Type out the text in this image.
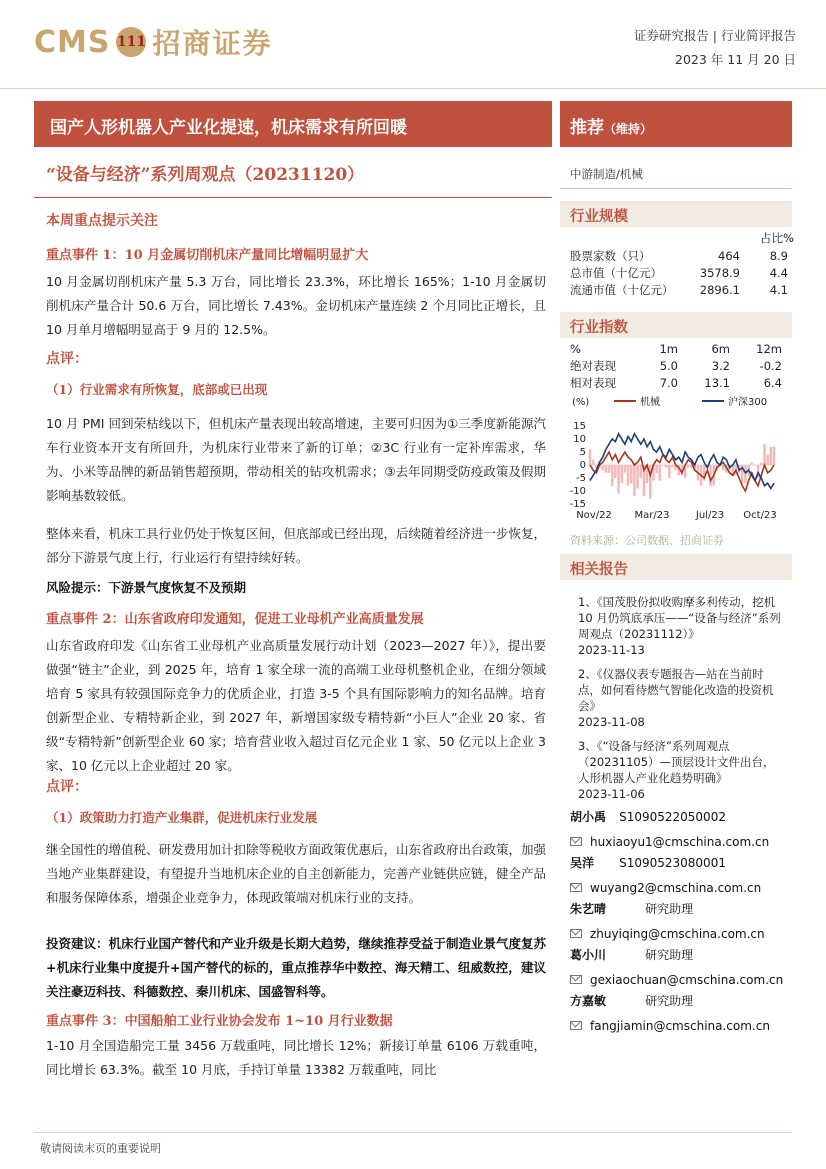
CMS 111 招商证券	证券研究报告 | 行业简评报告
2023 年 11 月 20 日
国产人形机器人产业化提速，机床需求有所回暖	推荐（维持）
“设备与经济”系列周观点（20231120）
本周重点提示关注
重点事件 1：10 月金属切削机床产量同比增幅明显扩大
10 月金属切削机床产量 5.3 万台，同比增长 23.3%，环比增长 165%；1-10 月金属切削机床产量合计 50.6 万台，同比增长 7.43%。金切机床产量连续 2 个月同比正增长，且 10 月单月增幅明显高于 9 月的 12.5%。
点评：
（1）行业需求有所恢复，底部或已出现
10 月 PMI 回到荣枯线以下，但机床产量表现出较高增速，主要可归因为①三季度新能源汽车行业资本开支有所回升，为机床行业带来了新的订单；②3C 行业有一定补库需求，华为、小米等品牌的新品销售超预期，带动相关的钻攻机需求；③去年同期受防疫政策及假期影响基数较低。
整体来看，机床工具行业仍处于恢复区间，但底部或已经出现，后续随着经济进一步恢复，部分下游景气度上行，行业运行有望持续好转。
风险提示：下游景气度恢复不及预期
重点事件 2：山东省政府印发通知，促进工业母机产业高质量发展
山东省政府印发《山东省工业母机产业高质量发展行动计划（2023—2027 年）》，提出要做强“链主”企业，到 2025 年，培育 1 家全球一流的高端工业母机整机企业，在细分领域培育 5 家具有较强国际竞争力的优质企业，打造 3-5 个具有国际影响力的知名品牌。培育创新型企业、专精特新企业，到 2027 年，新增国家级专精特新“小巨人”企业 20 家、省级“专精特新”创新型企业 60 家；培育营业收入超过百亿元企业 1 家、50 亿元以上企业 3 家、10 亿元以上企业超过 20 家。
点评：
（1）政策助力打造产业集群，促进机床行业发展
继全国性的增值税、研发费用加计扣除等税收方面政策优惠后，山东省政府出台政策，加强当地产业集群建设，有望提升当地机床企业的自主创新能力，完善产业链供应链，健全产品和服务保障体系，增强企业竞争力，体现政策端对机床行业的支持。
投资建议：机床行业国产替代和产业升级是长期大趋势，继续推荐受益于制造业景气度复苏+机床行业集中度提升+国产替代的标的，重点推荐华中数控、海天精工、纽威数控，建议关注豪迈科技、科德数控、秦川机床、国盛智科等。
重点事件 3：中国船舶工业行业协会发布 1~10 月行业数据
1-10 月全国造船完工量 3456 万载重吨，同比增长 12%；新接订单量 6106 万载重吨，同比增长 63.3%。截至 10 月底，手持订单量 13382 万载重吨，同比
中游制造/机械
行业规模
占比%
股票家数（只）	464	8.9
总市值（十亿元）	3578.9	4.4
流通市值（十亿元）	2896.1	4.1
行业指数
%	1m	6m	12m
绝对表现	5.0	3.2	-0.2
相对表现	7.0	13.1	6.4
(%)	机械	沪深300
15
10
5
0
-5
-10
-15
Nov/22 Mar/23	Jul/23 Oct/23
资料来源：公司数据、招商证券
相关报告
1、《国茂股份拟收购摩多利传动，挖机 10 月仍筑底承压——“设备与经济”系列周观点（20231112）》
2023-11-13
2、《仪器仪表专题报告—站在当前时点，如何看待燃气智能化改造的投资机会》
2023-11-08
3、《“设备与经济”系列周观点（20231105）—顶层设计文件出台，人形机器人产业化趋势明确》
2023-11-06
胡小禹 S1090522050002
huxiaoyu1@cmschina.com.cn
吴洋 S1090523080001
wuyang2@cmschina.com.cn
朱艺晴	研究助理
zhuyiqing@cmschina.com.cn
葛小川	研究助理
gexiaochuan@cmschina.com.cn
方嘉敏	研究助理
fangjiamin@cmschina.com.cn
敬请阅读末页的重要说明
